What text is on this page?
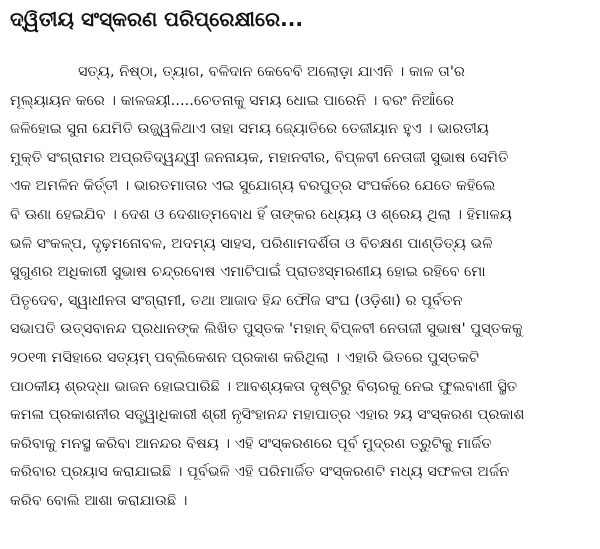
ଦ୍ୱିତୀୟ ସଂସ୍କରଣ ପରିପ୍ରେକ୍ଷୀରେ...
ସତ୍ୟ, ନିଷ୍ଠା, ତ୍ୟାଗ, ବଳିଦାନ କେବେବି ଅଲୋଡ଼ା ଯାଏନି । କାଳ ତା'ର
ମୂଲ୍ୟାୟନ କରେ । କାଳଜୟୀ.....ଚେତନାକୁ ସମୟ ଧୋଇ ପାରେନି । ବରଂ ନିଆଁରେ
ଜଳିହୋଇ ସୁନା ଯେମିତି ଉଜ୍ଜ୍ୱଳିଥାଏ ତାହା ସମୟ ଜ୍ୟୋତିରେ ତେଜୀୟାନ ହୁଏ । ଭାରତୀୟ
ମୁକ୍ତି ସଂଗ୍ରାମର ଅପ୍ରତିଦ୍ୱନ୍ଦ୍ୱୀ ଜନନାୟକ, ମହାନବୀର, ବିପ୍ଳବୀ ନେତାଜୀ ସୁଭାଷ ସେମିତି
ଏକ ଅମଳିନ କିର୍ତ୍ତୀ । ଭାରତମାତାର ଏଇ ସୁଯୋଗ୍ୟ ବରପୁତ୍ର ସଂପର୍କରେ ଯେତେ କହିଲେ
ବି ଊଣା ହେଇଯିବ । ଦେଶ ଓ ଦେଶାତ୍ମବୋଧ ହିଁ ତାଙ୍କର ଧ୍ୟେୟ ଓ ଶ୍ରେୟ ଥିଲା । ହିମାଳୟ
ଭଳି ସଂକଳ୍ପ, ଦୃଢ଼ମନୋବଳ, ଅଦମ୍ୟ ସାହସ, ପରିଣାମଦର୍ଶିତା ଓ ବିଚକ୍ଷଣ ପାଣ୍ଡିତ୍ୟ ଭଳି
ସୁଗୁଣର ଅଧିକାରୀ ସୁଭାଷ ଚନ୍ଦ୍ରବୋଷ ଏମାଟିପାଇଁ ପ୍ରାତଃସ୍ମରଣୀୟ ହୋଇ ରହିବେ ମୋ
ପିତୃଦେବ, ସ୍ୱାଧୀନତା ସଂଗ୍ରାମୀ, ତଥା ଆଜାଦ ହିନ୍ଦ ଫୌଜ ସଂଘ (ଓଡ଼ିଶା) ର ପୂର୍ବତନ
ସଭାପତି ଉତ୍ସବାନନ୍ଦ ପ୍ରଧାନଙ୍କ ଲିଖିତ ପୁସ୍ତକ 'ମହାନ୍ ବିପ୍ଳବୀ ନେତାଜୀ ସୁଭାଷ' ପୁସ୍ତକକୁ
୨୦୧୩ ମସିହାରେ ସତ୍ୟମ୍ ପବ୍ଲିକେଶନ ପ୍ରକାଶ କରିଥିଲା । ଏହାରି ଭିତରେ ପୁସ୍ତକଟି
ପାଠକୀୟ ଶ୍ରଦ୍ଧା ଭାଜନ ହୋଇପାରିଛି । ଆବଶ୍ୟକତା ଦୃଷ୍ଟିରୁ ବିଚାରକୁ ନେଇ ଫୁଲବାଣୀ ସ୍ଥିତ
କମଳା ପ୍ରକାଶନୀର ସତ୍ତ୍ୱାଧିକାରୀ ଶ୍ରୀ ନୃସିଂହାନନ୍ଦ ମହାପାତ୍ର ଏହାର ୨ୟ ସଂସ୍କରଣ ପ୍ରକାଶ
କରିବାକୁ ମନସ୍ଥ କରିବା ଆନନ୍ଦର ବିଷୟ । ଏହି ସଂସ୍କରଣରେ ପୂର୍ବ ମୁଦ୍ରଣ ତ୍ରୁଟିକୁ ମାର୍ଜିତ
କରିବାର ପ୍ରୟାସ କରାଯାଇଛି । ପୂର୍ବଭଳି ଏହି ପରିମାର୍ଜିତ ସଂସ୍କରଣଟି ମଧ୍ୟ ସଫଳତା ଅର୍ଜନ
କରିବ ବୋଲି ଆଶା କରାଯାଉଛି ।
